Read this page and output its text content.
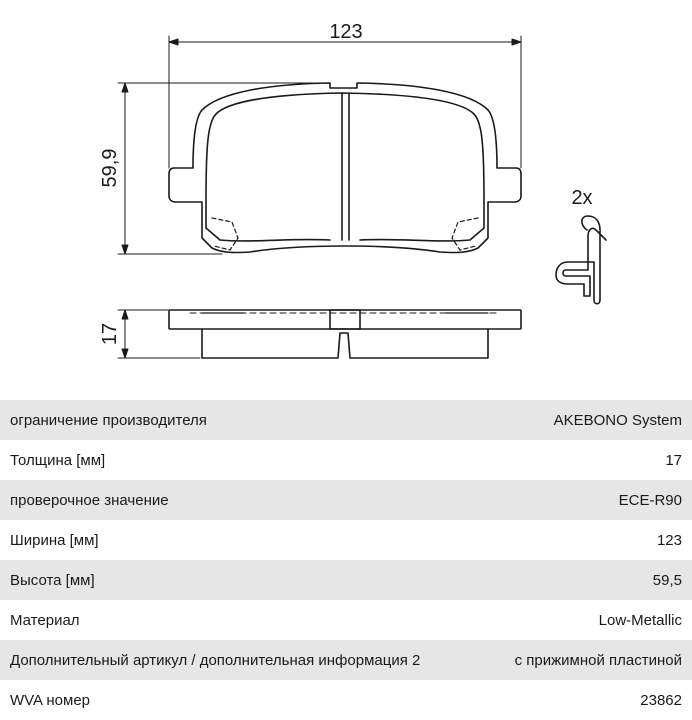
123
59,9
17
2x
ограничение производителя	AKEBONO System
Толщина [мм]	17
проверочное значение	ECE-R90
Ширина [мм]	123
Высота [мм]	59,5
Материал	Low-Metallic
Дополнительный артикул / дополнительная информация 2	с прижимной пластиной
WVA номер	23862
